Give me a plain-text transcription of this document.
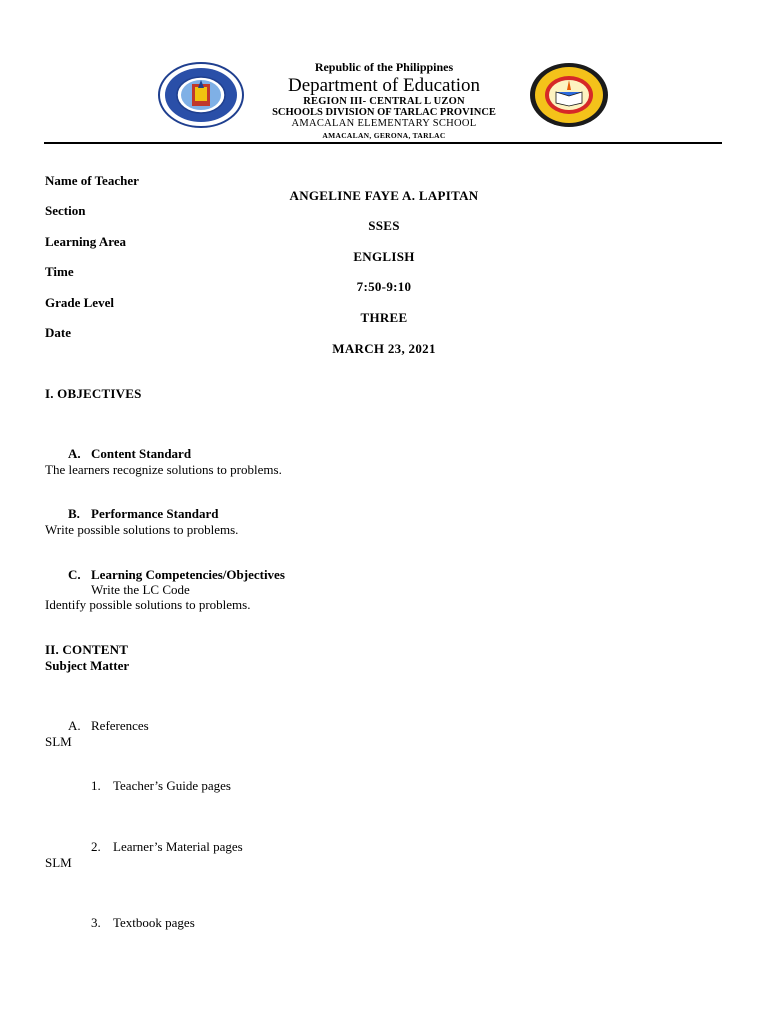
Republic of the Philippines
Department of Education
REGION III- CENTRAL L UZON
SCHOOLS DIVISION OF TARLAC PROVINCE
AMACALAN ELEMENTARY SCHOOL
AMACALAN, GERONA, TARLAC
Name of Teacher
Section
Learning Area
Time
Grade Level
Date
ANGELINE FAYE A. LAPITAN
SSES
ENGLISH
7:50-9:10
THREE
MARCH 23, 2021
I. OBJECTIVES
A. Content Standard
The learners recognize solutions to problems.
B. Performance Standard
Write possible solutions to problems.
C. Learning Competencies/Objectives
Write the LC Code
Identify possible solutions to problems.
II. CONTENT
Subject Matter
A. References
SLM
1. Teacher’s Guide pages
2. Learner’s Material pages
SLM
3. Textbook pages
